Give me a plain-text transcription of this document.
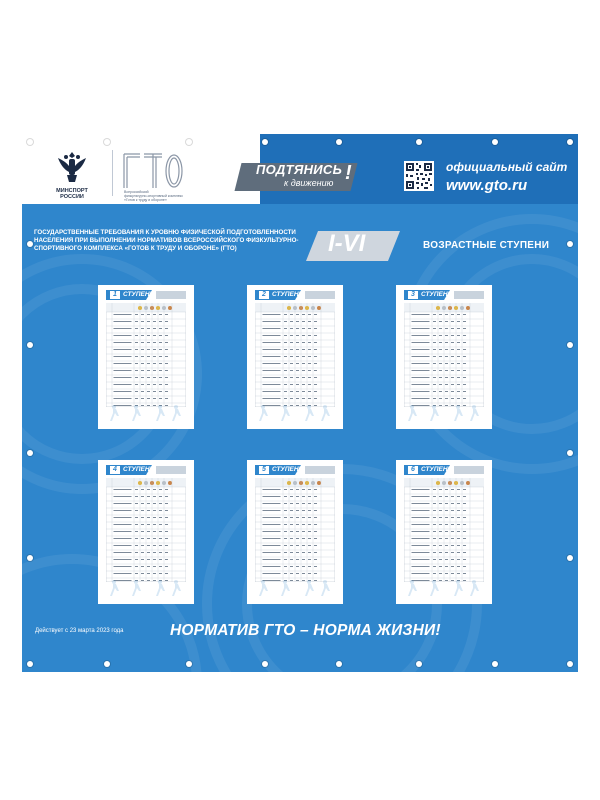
МИНСПОРТ
РОССИИ
ГТО
Всероссийский
физкультурно-спортивный комплекс
«Готов к труду и обороне»
ПОДТЯНИСЬ
к движению !	официальный сайт
www.gto.ru
ГОСУДАРСТВЕННЫЕ ТРЕБОВАНИЯ К УРОВНЮ ФИЗИЧЕСКОЙ ПОДГОТОВЛЕННОСТИ НАСЕЛЕНИЯ ПРИ ВЫПОЛНЕНИИ НОРМАТИВОВ ВСЕРОССИЙСКОГО ФИЗКУЛЬТУРНО-СПОРТИВНОГО КОМПЛЕКСА «ГОТОВ К ТРУДУ И ОБОРОНЕ» (ГТО)	I-VI	ВОЗРАСТНЫЕ СТУПЕНИ
1 СТУПЕНЬ	2 СТУПЕНЬ	3 СТУПЕНЬ
4 СТУПЕНЬ	5 СТУПЕНЬ	6 СТУПЕНЬ
Действует с 23 марта 2023 года	НОРМАТИВ ГТО – НОРМА ЖИЗНИ!
